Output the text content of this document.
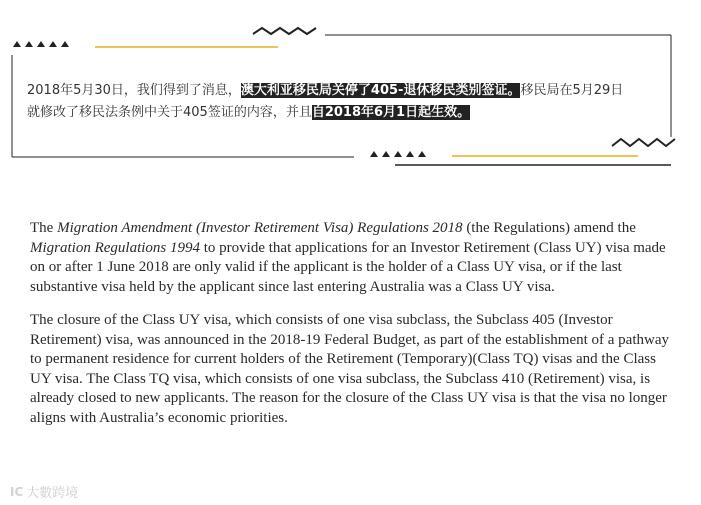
2018年5月30日，我们得到了消息，澳大利亚移民局关停了405-退休移民类别签证。移民局在5月29日
就修改了移民法条例中关于405签证的内容，并且自2018年6月1日起生效。

The Migration Amendment (Investor Retirement Visa) Regulations 2018 (the Regulations) amend the Migration Regulations 1994 to provide that applications for an Investor Retirement (Class UY) visa made on or after 1 June 2018 are only valid if the applicant is the holder of a Class UY visa, or if the last substantive visa held by the applicant since last entering Australia was a Class UY visa.

The closure of the Class UY visa, which consists of one visa subclass, the Subclass 405 (Investor Retirement) visa, was announced in the 2018-19 Federal Budget, as part of the establishment of a pathway to permanent residence for current holders of the Retirement (Temporary)(Class TQ) visas and the Class UY visa. The Class TQ visa, which consists of one visa subclass, the Subclass 410 (Retirement) visa, is already closed to new applicants. The reason for the closure of the Class UY visa is that the visa no longer aligns with Australia’s economic priorities.

IC 大數跨境
